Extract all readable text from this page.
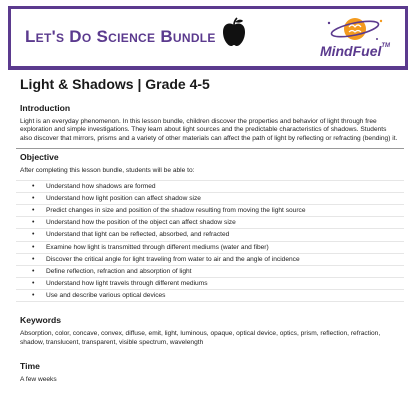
Let's Do Science Bundle
MindFuel™
Light & Shadows | Grade 4-5
Introduction

Light is an everyday phenomenon. In this lesson bundle, children discover the properties and behavior of light through free exploration and simple investigations. They learn about light sources and the predictable characteristics of shadows. Students also discover that mirrors, prisms and a variety of other materials can affect the path of light by reflecting or refracting (bending) it.

Objective

After completing this lesson bundle, students will be able to:

• Understand how shadows are formed
• Understand how light position can affect shadow size
• Predict changes in size and position of the shadow resulting from moving the light source
• Understand how the position of the object can affect shadow size
• Understand that light can be reflected, absorbed, and refracted
• Examine how light is transmitted through different mediums (water and fiber)
• Discover the critical angle for light traveling from water to air and the angle of incidence
• Define reflection, refraction and absorption of light
• Understand how light travels through different mediums
• Use and describe various optical devices
Keywords

Absorption, color, concave, convex, diffuse, emit, light, luminous, opaque, optical device, optics, prism, reflection, refraction, shadow, translucent, transparent, visible spectrum, wavelength

Time

A few weeks
